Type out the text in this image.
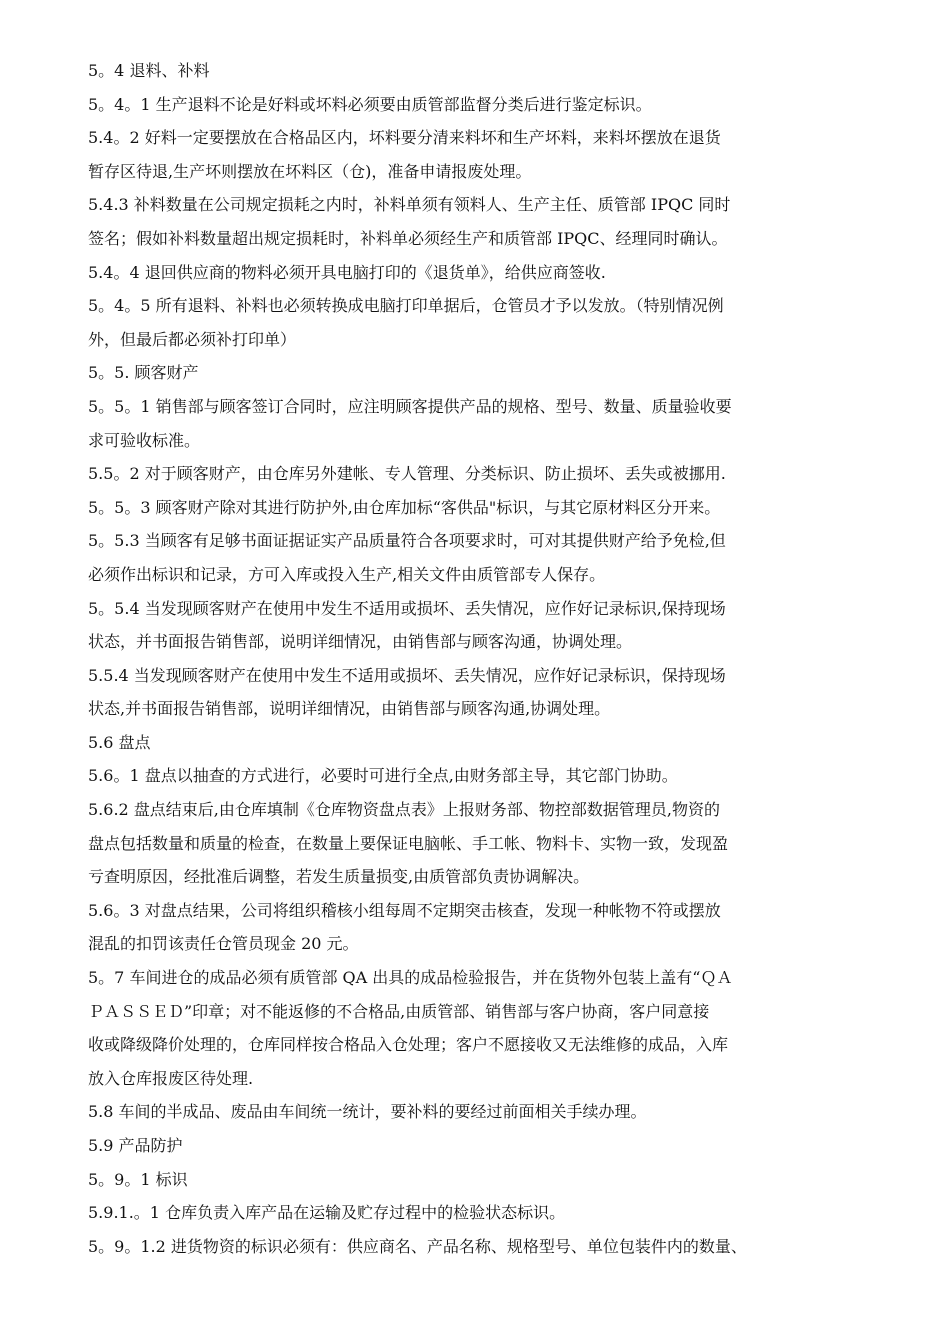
5。4 退料、补料
5。4。1 生产退料不论是好料或坏料必须要由质管部监督分类后进行鉴定标识。
5.4。2 好料一定要摆放在合格品区内，坏料要分清来料坏和生产坏料，来料坏摆放在退货
暂存区待退,生产坏则摆放在坏料区（仓)，准备申请报废处理。
5.4.3 补料数量在公司规定损耗之内时，补料单须有领料人、生产主任、质管部 IPQC 同时
签名；假如补料数量超出规定损耗时，补料单必须经生产和质管部 IPQC、经理同时确认。
5.4。4 退回供应商的物料必须开具电脑打印的《退货单》，给供应商签收.
5。4。5 所有退料、补料也必须转换成电脑打印单据后，仓管员才予以发放。（特别情况例
外，但最后都必须补打印单）
5。5. 顾客财产
5。5。1 销售部与顾客签订合同时，应注明顾客提供产品的规格、型号、数量、质量验收要
求可验收标准。
5.5。2 对于顾客财产，由仓库另外建帐、专人管理、分类标识、防止损坏、丢失或被挪用.
5。5。3 顾客财产除对其进行防护外,由仓库加标“客供品"标识，与其它原材料区分开来。
5。5.3 当顾客有足够书面证据证实产品质量符合各项要求时，可对其提供财产给予免检,但
必须作出标识和记录，方可入库或投入生产,相关文件由质管部专人保存。
5。5.4 当发现顾客财产在使用中发生不适用或损坏、丢失情况，应作好记录标识,保持现场
状态，并书面报告销售部，说明详细情况，由销售部与顾客沟通，协调处理。
5.5.4 当发现顾客财产在使用中发生不适用或损坏、丢失情况，应作好记录标识，保持现场
状态,并书面报告销售部，说明详细情况，由销售部与顾客沟通,协调处理。
5.6 盘点
5.6。1 盘点以抽查的方式进行，必要时可进行全点,由财务部主导，其它部门协助。
5.6.2 盘点结束后,由仓库填制《仓库物资盘点表》上报财务部、物控部数据管理员,物资的
盘点包括数量和质量的检查，在数量上要保证电脑帐、手工帐、物料卡、实物一致，发现盈
亏查明原因，经批准后调整，若发生质量损变,由质管部负责协调解决。
5.6。3 对盘点结果，公司将组织稽核小组每周不定期突击核查，发现一种帐物不符或摆放
混乱的扣罚该责任仓管员现金 20 元。
5。7 车间进仓的成品必须有质管部 QA 出具的成品检验报告，并在货物外包装上盖有“ＱＡ
ＰＡＳＳＥＤ”印章；对不能返修的不合格品,由质管部、销售部与客户协商，客户同意接
收或降级降价处理的，仓库同样按合格品入仓处理；客户不愿接收又无法维修的成品，入库
放入仓库报废区待处理.
5.8 车间的半成品、废品由车间统一统计，要补料的要经过前面相关手续办理。
5.9 产品防护
5。9。1 标识
5.9.1.。1 仓库负责入库产品在运输及贮存过程中的检验状态标识。
5。9。1.2 进货物资的标识必须有：供应商名、产品名称、规格型号、单位包装件内的数量、
